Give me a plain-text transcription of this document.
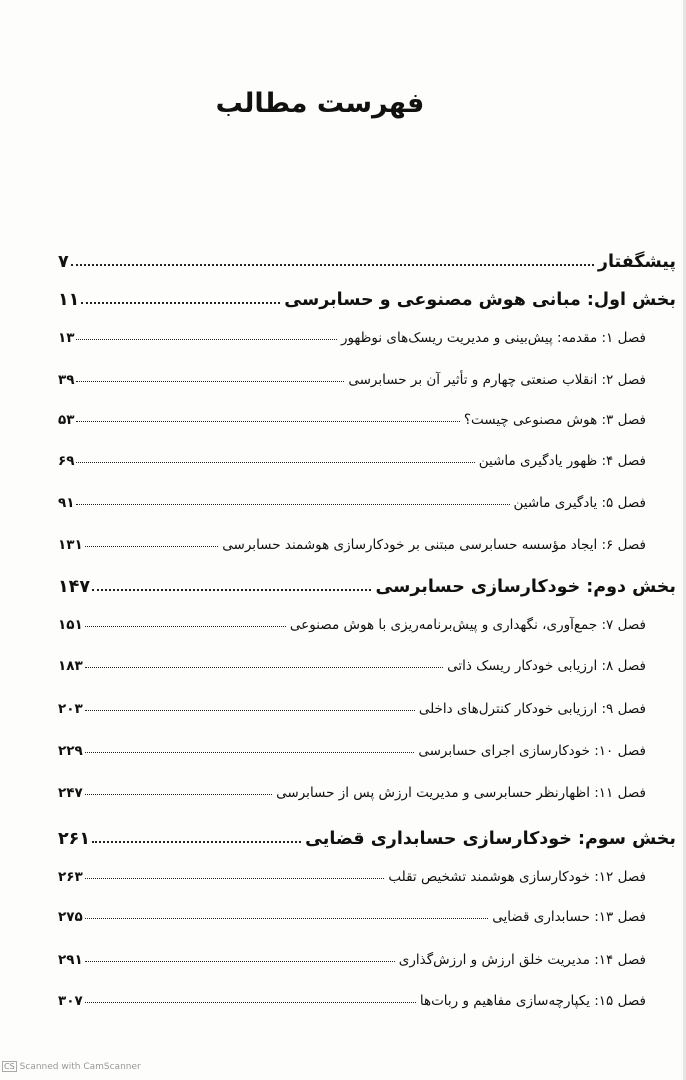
فهرست مطالب
پیشگفتار
۷
بخش اول: مبانی هوش مصنوعی و حسابرسی
۱۱
فصل ۱: مقدمه: پیش‌بینی و مدیریت ریسک‌های نوظهور
۱۳
فصل ۲: انقلاب صنعتی چهارم و تأثیر آن بر حسابرسی
۳۹
فصل ۳: هوش مصنوعی چیست؟
۵۳
فصل ۴: ظهور یادگیری ماشین
۶۹
فصل ۵: یادگیری ماشین
۹۱
فصل ۶: ایجاد مؤسسه حسابرسی مبتنی بر خودکارسازی هوشمند حسابرسی
۱۳۱
بخش دوم: خودکارسازی حسابرسی
۱۴۷
فصل ۷: جمع‌آوری، نگهداری و پیش‌برنامه‌ریزی با هوش مصنوعی
۱۵۱
فصل ۸: ارزیابی خودکار ریسک ذاتی
۱۸۳
فصل ۹: ارزیابی خودکار کنترل‌های داخلی
۲۰۳
فصل ۱۰: خودکارسازی اجرای حسابرسی
۲۲۹
فصل ۱۱: اظهارنظر حسابرسی و مدیریت ارزش پس از حسابرسی
۲۴۷
بخش سوم: خودکارسازی حسابداری قضایی
۲۶۱
فصل ۱۲: خودکارسازی هوشمند تشخیص تقلب
۲۶۳
فصل ۱۳: حسابداری قضایی
۲۷۵
فصل ۱۴: مدیریت خلق ارزش و ارزش‌گذاری
۲۹۱
فصل ۱۵: یکپارچه‌سازی مفاهیم و ربات‌ها
۳۰۷
CS Scanned with CamScanner
